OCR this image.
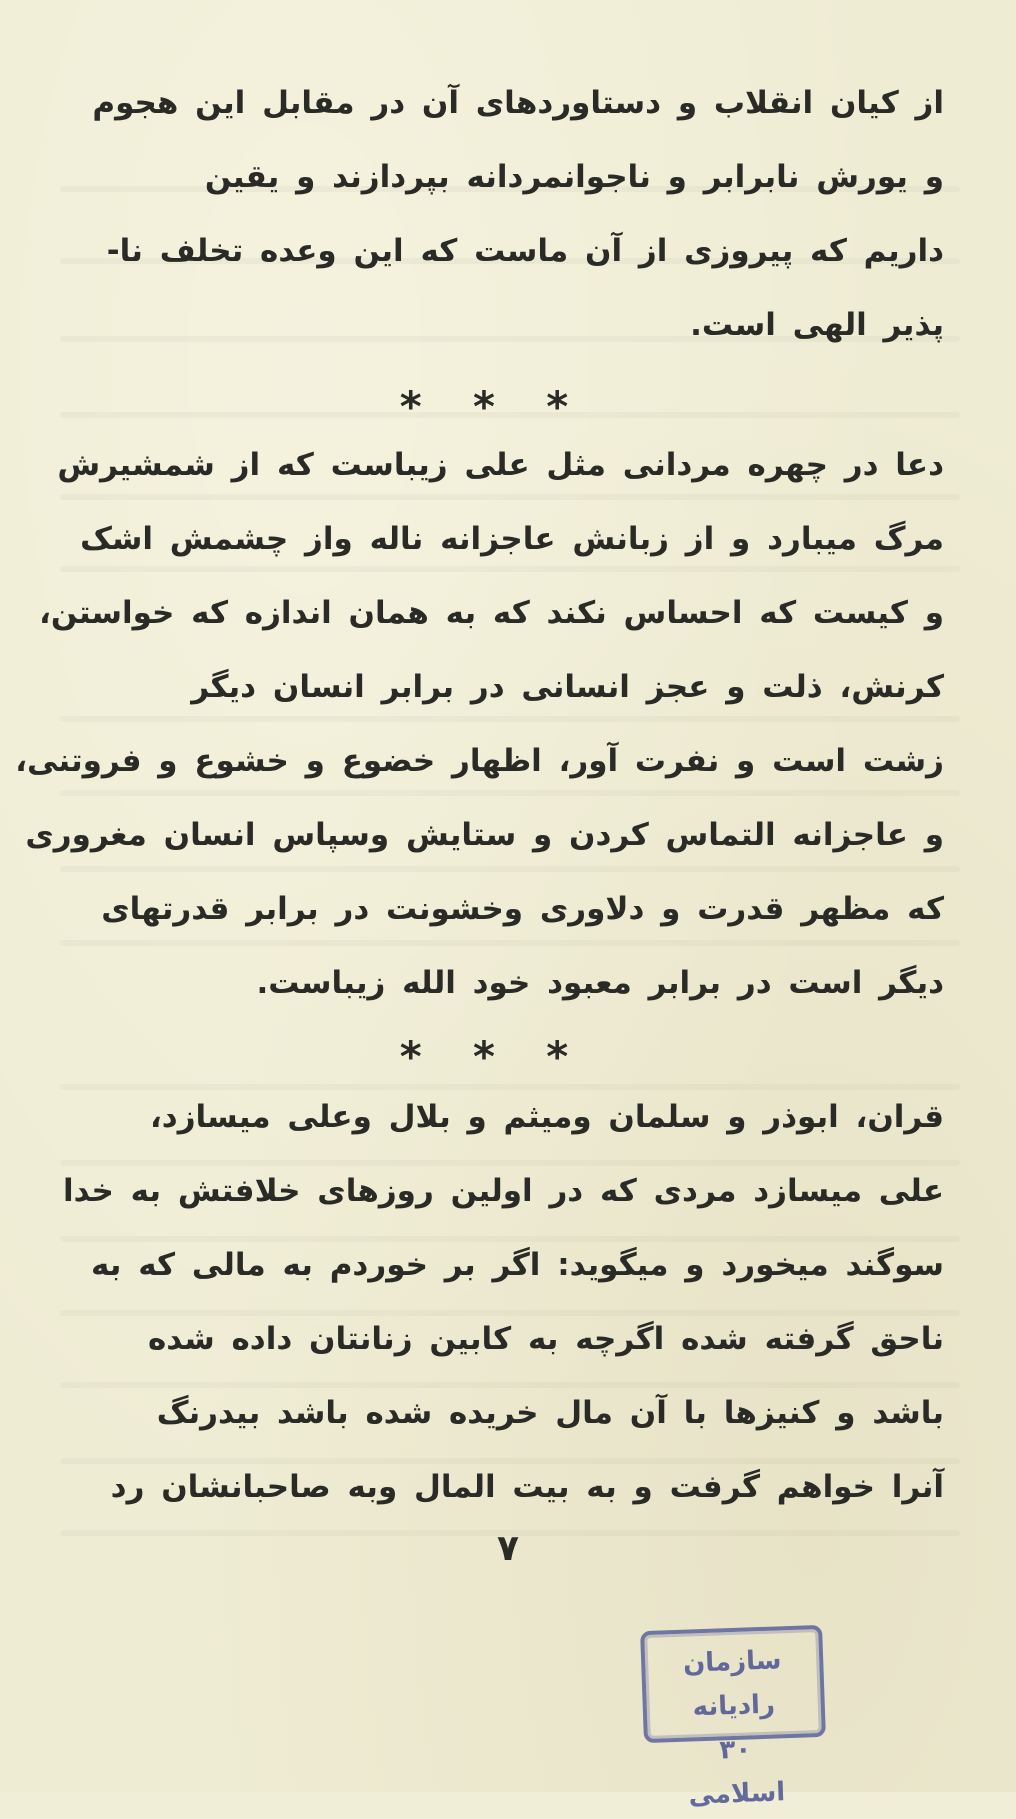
از کیان انقلاب و دستاوردهای آن در مقابل این هجوم
و یورش نابرابر و ناجوانمردانه بپردازند و یقین
داریم که پیروزی از آن ماست که این وعده تخلف نا-
پذیر الهی است.
***
دعا در چهره مردانی مثل علی زیباست که از شمشیرش
مرگ میبارد و از زبانش عاجزانه ناله واز چشمش اشک
و کیست که احساس نکند که به همان اندازه که خواستن،
کرنش، ذلت و عجز انسانی در برابر انسان دیگر
زشت است و نفرت آور، اظهار خضوع و خشوع و فروتنی،
و عاجزانه التماس کردن و ستایش وسپاس انسان مغروری
که مظهر قدرت و دلاوری وخشونت در برابر قدرتهای
دیگر است در برابر معبود خود الله زیباست.
***
قران، ابوذر و سلمان ومیثم و بلال وعلی میسازد،
علی میسازد مردی که در اولین روزهای خلافتش به خدا
سوگند میخورد و میگوید: اگر بر خوردم به مالی که به
ناحق گرفته شده اگرچه به کابین زنانتان داده شده
باشد و کنیزها با آن مال خریده شده باشد بیدرنگ
آنرا خواهم گرفت و به بیت المال وبه صاحبانشان رد
۷
سازمان رادیانه
۳۰
اسلامی
